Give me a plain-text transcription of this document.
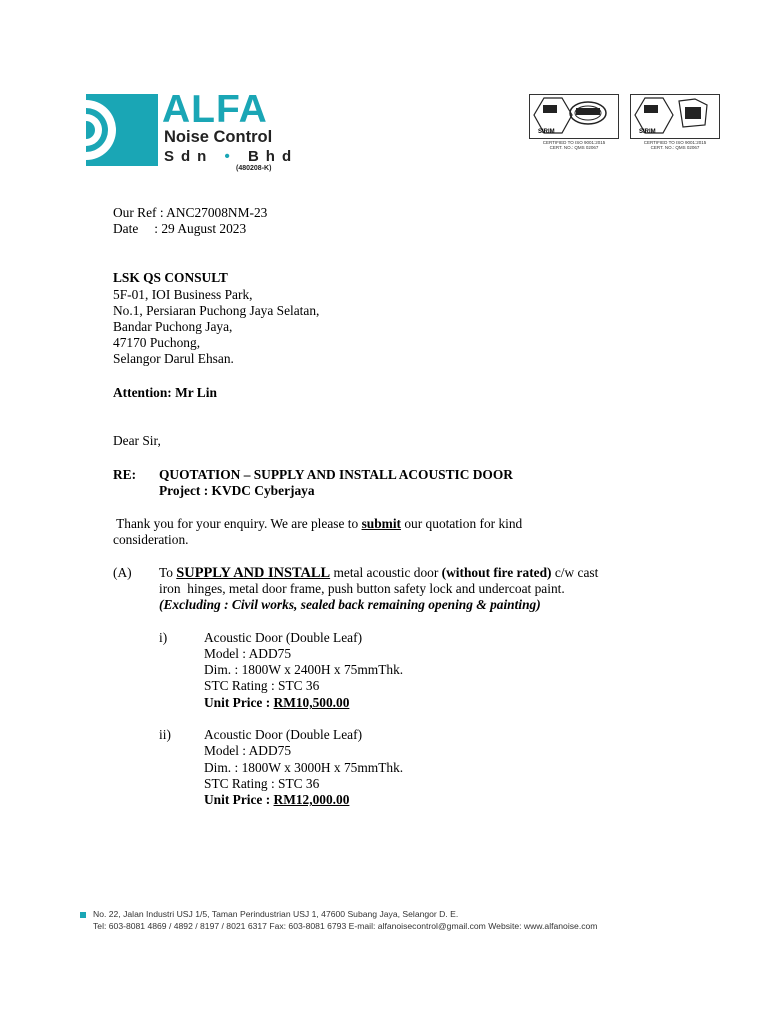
ALFA
Noise Control
Sdn • Bhd
(480208-K)
SIRIM	SIRIM
CERTIFIED TO ISO 9001:2015
CERT. NO.: QMS 02067
CERTIFIED TO ISO 9001:2015
CERT. NO.: QMS 02067
Our Ref : ANC27008NM-23
Date : 29 August 2023
LSK QS CONSULT
5F-01, IOI Business Park,
No.1, Persiaran Puchong Jaya Selatan,
Bandar Puchong Jaya,
47170 Puchong,
Selangor Darul Ehsan.
Attention: Mr Lin
Dear Sir,
RE: QUOTATION – SUPPLY AND INSTALL ACOUSTIC DOOR
Project : KVDC Cyberjaya
Thank you for your enquiry. We are please to submit our quotation for kind
consideration.
(A) To SUPPLY AND INSTALL metal acoustic door (without fire rated) c/w cast
iron  hinges, metal door frame, push button safety lock and undercoat paint.
(Excluding : Civil works, sealed back remaining opening & painting)
i)	Acoustic Door (Double Leaf)
Model : ADD75
Dim. : 1800W x 2400H x 75mmThk.
STC Rating : STC 36
Unit Price : RM10,500.00
ii) Acoustic Door (Double Leaf)
Model : ADD75
Dim. : 1800W x 3000H x 75mmThk.
STC Rating : STC 36
Unit Price : RM12,000.00
No. 22, Jalan Industri USJ 1/5, Taman Perindustrian USJ 1, 47600 Subang Jaya, Selangor D. E.
Tel: 603-8081 4869 / 4892 / 8197 / 8021 6317 Fax: 603-8081 6793 E-mail: alfanoisecontrol@gmail.com Website: www.alfanoise.com
